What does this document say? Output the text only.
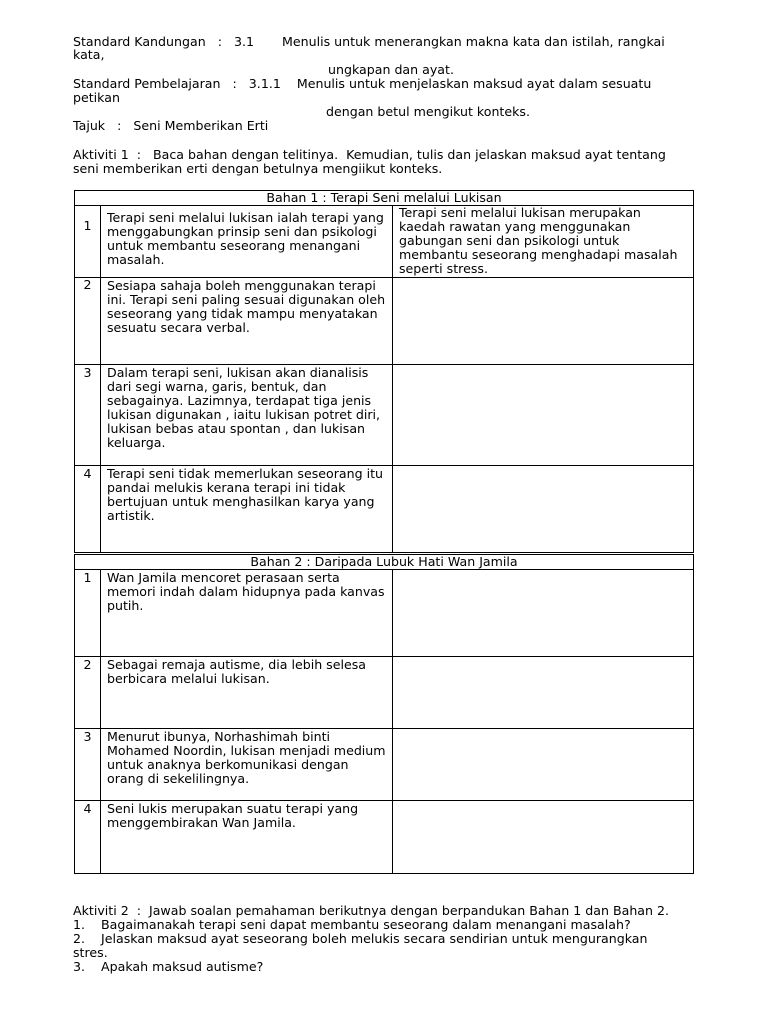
Standard Kandungan : 3.1 Menulis untuk menerangkan makna kata dan istilah, rangkai
kata,
ungkapan dan ayat.
Standard Pembelajaran : 3.1.1 Menulis untuk menjelaskan maksud ayat dalam sesuatu
petikan
dengan betul mengikut konteks.
Tajuk : Seni Memberikan Erti
Aktiviti 1  :   Baca bahan dengan telitinya.  Kemudian, tulis dan jelaskan maksud ayat tentang
seni memberikan erti dengan betulnya mengiikut konteks.
Bahan 1 : Terapi Seni melalui Lukisan		
1	Terapi seni melalui lukisan ialah terapi yang menggabungkan prinsip seni dan psikologi untuk membantu seseorang menangani masalah.	Terapi seni melalui lukisan merupakan kaedah rawatan yang menggunakan gabungan seni dan psikologi untuk membantu seseorang menghadapi masalah seperti stress.
2	Sesiapa sahaja boleh menggunakan terapi ini. Terapi seni paling sesuai digunakan oleh seseorang yang tidak mampu menyatakan sesuatu secara verbal.	
3	Dalam terapi seni, lukisan akan dianalisis dari segi warna, garis, bentuk, dan sebagainya. Lazimnya, terdapat tiga jenis lukisan digunakan , iaitu lukisan potret diri, lukisan bebas atau spontan , dan lukisan keluarga.	
4	Terapi seni tidak memerlukan seseorang itu pandai melukis kerana terapi ini tidak bertujuan untuk menghasilkan karya yang artistik.	
Bahan 2 : Daripada Lubuk Hati Wan Jamila		
1	Wan Jamila mencoret perasaan serta memori indah dalam hidupnya pada kanvas putih.	
2	Sebagai remaja autisme, dia lebih selesa berbicara melalui lukisan.	
3	Menurut ibunya, Norhashimah binti Mohamed Noordin, lukisan menjadi medium untuk anaknya berkomunikasi dengan orang di sekelilingnya.	
4	Seni lukis merupakan suatu terapi yang menggembirakan Wan Jamila.	
Aktiviti 2  :  Jawab soalan pemahaman berikutnya dengan berpandukan Bahan 1 dan Bahan 2.
1.    Bagaimanakah terapi seni dapat membantu seseorang dalam menangani masalah?
2.    Jelaskan maksud ayat seseorang boleh melukis secara sendirian untuk mengurangkan
stres.
3.    Apakah maksud autisme?
